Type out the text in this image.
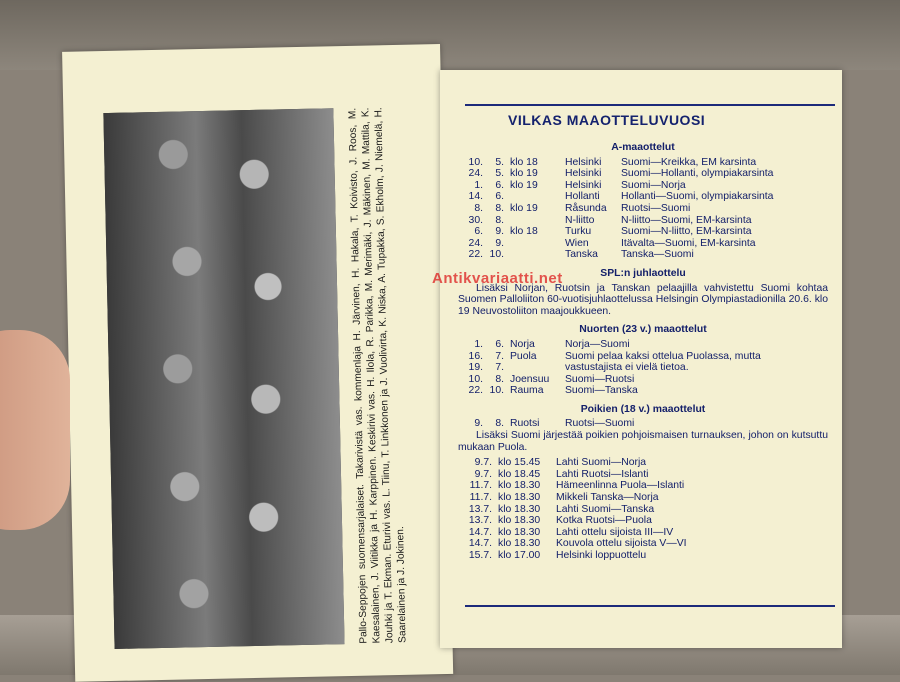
Pallo-Seppojen suomensarjalaiset. Takarivistä vas. kommenlaja H. Järvinen, H. Hakala, T. Koivisto, J. Roos, M. Kaesalainen, J. Viitikka ja H. Karppinen. Keskirivi vas. H. Ilola, R. Parikka, M. Merimäki, J. Mäkinen, M. Mattila, K. Jouhki ja T. Ekman. Eturivi vas. L. Tiinu, T. Linkkonen ja J. Vuolivirta, K. Niska, A. Tupakka, S. Ekholm, J. Niemelä, H. Saarelainen ja J. Jokinen.
VILKAS MAAOTTELUVUOSI
A-maaottelut
10.	5. klo 18	Helsinki	Suomi—Kreikka, EM karsinta
24.	5. klo 19	Helsinki	Suomi—Hollanti, olympiakarsinta
1.	6. klo 19	Helsinki	Suomi—Norja
14.	6.	Hollanti	Hollanti—Suomi, olympiakarsinta
8.	8. klo 19	Råsunda	Ruotsi—Suomi
30.	8.	N-liitto	N-liitto—Suomi, EM-karsinta
6.	9. klo 18	Turku	Suomi—N-liitto, EM-karsinta
24.	9.	Wien	Itävalta—Suomi, EM-karsinta
22. 10.	Tanska	Tanska—Suomi
SPL:n juhlaottelu
Lisäksi Norjan, Ruotsin ja Tanskan pelaajilla vahvistettu Suomi kohtaa Suomen Palloliiton 60-vuotisjuhlaottelussa Helsingin Olympiastadionilla 20.6. klo 19 Neuvostoliiton maajoukkueen.
Nuorten (23 v.) maaottelut
1.	6. Norja	Norja—Suomi
16.	7. Puola	Suomi pelaa kaksi ottelua Puolassa, mutta
19.	7.	vastustajista ei vielä tietoa.
10.	8. Joensuu	Suomi—Ruotsi
22. 10. Rauma	Suomi—Tanska
Poikien (18 v.) maaottelut
9.	8. Ruotsi	Ruotsi—Suomi
Lisäksi Suomi järjestää poikien pohjoismaisen turnauksen, johon on kutsuttu mukaan Puola.
9.7. klo 15.45	Lahti Suomi—Norja
9.7. klo 18.45	Lahti Ruotsi—Islanti
11.7. klo 18.30	Hämeenlinna Puola—Islanti
11.7. klo 18.30	Mikkeli Tanska—Norja
13.7. klo 18.30	Lahti Suomi—Tanska
13.7. klo 18.30	Kotka Ruotsi—Puola
14.7. klo 18.30	Lahti ottelu sijoista III—IV
14.7. klo 18.30	Kouvola ottelu sijoista V—VI
15.7. klo 17.00	Helsinki loppuottelu
Antikvariaatti.net
